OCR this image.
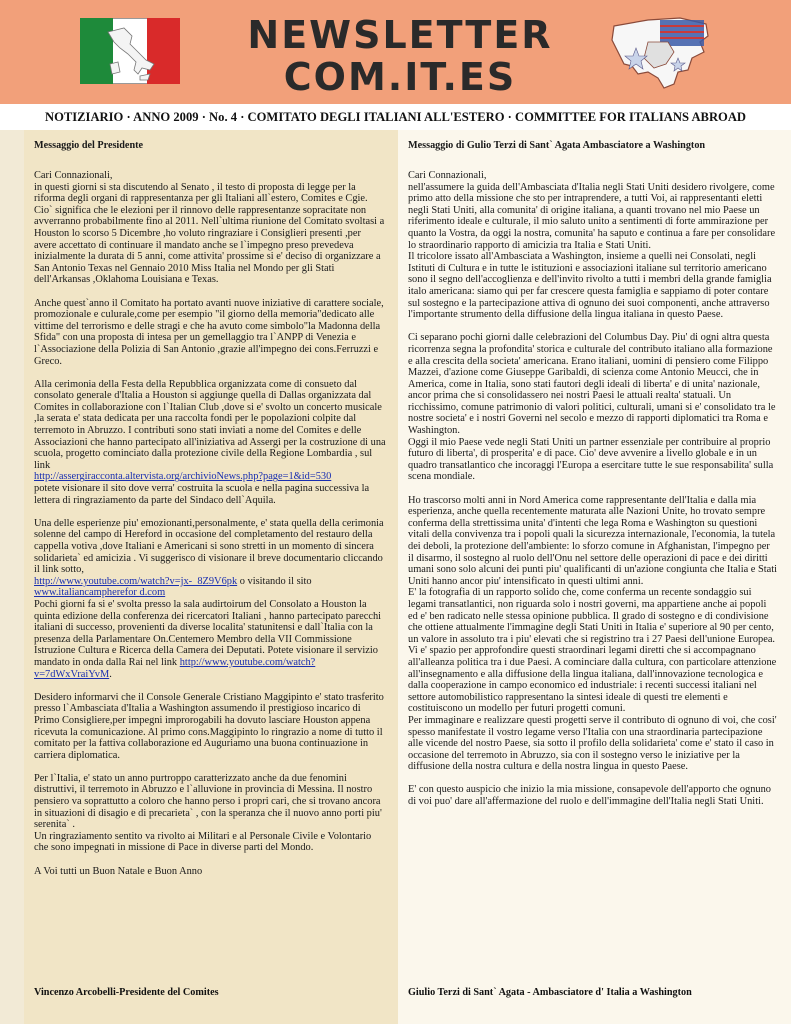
NEWSLETTER
COM.IT.ES
NOTIZIARIO · ANNO 2009 · No. 4 · COMITATO DEGLI ITALIANI ALL'ESTERO · COMMITTEE FOR ITALIANS ABROAD
Messaggio del Presidente
Cari Connazionali,

in questi giorni si sta discutendo al Senato , il testo di proposta di legge per la riforma degli organi di rappresentanza per gli Italiani all`estero, Comites e Cgie. Cio` significa che le elezioni per il rinnovo delle rappresentanze sopracitate non avverranno probabilmente fino al 2011. Nell`ultima riunione del Comitato svoltasi a Houston lo scorso 5 Dicembre ,ho voluto ringraziare i Consiglieri presenti ,per avere accettato di continuare il mandato anche se l`impegno preso prevedeva inizialmente la durata di 5 anni, come attivita' prossime si e' deciso di organizzare a San Antonio Texas nel Gennaio 2010 Miss Italia nel Mondo per gli Stati dell'Arkansas ,Oklahoma Louisiana e Texas.

Anche quest`anno il Comitato ha portato avanti nuove iniziative di carattere sociale, promozionale e culurale,come per esempio "il giorno della memoria"dedicato alle vittime del terrorismo e delle stragi e che ha avuto come simbolo"la Madonna della Sfida" con una proposta di intesa per un gemellaggio tra l`ANPP di Venezia e l`Associazione della Polizia di San Antonio ,grazie all'impegno dei cons.Ferruzzi e Greco.

Alla cerimonia della Festa della Repubblica organizzata come di consueto dal consolato generale d'Italia a Houston si aggiunge quella di Dallas organizzata dal Comites in collaborazione con l`Italian Club ,dove si e' svolto un concerto musicale ,la serata e' stata dedicata per una raccolta fondi per le popolazioni colpite dal terremoto in Abruzzo. I contributi sono stati inviati a nome del Comites e delle Associazioni che hanno partecipato all'iniziativa ad Assergi per la costruzione di una scuola, progetto cominciato dalla protezione civile della Regione Lombardia , sul link
http://assergiracconta.altervista.org/archivioNews.php?page=1&id=530
potete visionare il sito dove verra' costruita la scuola e nella pagina successiva la lettera di ringraziamento da parte del Sindaco dell`Aquila.

Una delle esperienze piu' emozionanti,personalmente, e' stata quella della cerimonia solenne del campo di Hereford in occasione del completamento del restauro della cappella votiva ,dove Italiani e Americani si sono stretti in un momento di sincera solidarieta` ed amicizia . Vi suggerisco di visionare il breve documentario cliccando il link sotto,
http://www.youtube.com/watch?v=jx-_8Z9V6pk o visitando il sito
www.italiancampherefor d.com
Pochi giorni fa si e' svolta presso la sala audirtoirum del Consolato a Houston la quinta edizione della conferenza dei ricercatori Italiani , hanno partecipato parecchi italiani di successo, provenienti da diverse localita' statunitensi e dall`Italia con la presenza della Parlamentare On.Centemero Membro della VII Commissione Istruzione Cultura e Ricerca della Camera dei Deputati. Potete visionare il servizio mandato in onda dalla Rai nel link http://www.youtube.com/watch?v=7dWxVraiYvM.

Desidero informarvi che il Console Generale Cristiano Maggipinto e' stato trasferito presso l`Ambasciata d'Italia a Washington assumendo il prestigioso incarico di Primo Consigliere,per impegni improrogabili ha dovuto lasciare Houston appena ricevuta la comunicazione. Al primo cons.Maggipinto lo ringrazio a nome di tutto il comitato per la fattiva collaborazione ed Auguriamo una buona continuazione in carriera diplomatica.

Per l`Italia, e' stato un anno purtroppo caratterizzato anche da due fenomini distruttivi, il terremoto in Abruzzo e l`alluvione in provincia di Messina. Il nostro pensiero va soprattutto a coloro che hanno perso i propri cari, che si trovano ancora in situazioni di disagio e di precarieta` , con la speranza che il nuovo anno porti piu' serenita` .
Un ringraziamento sentito va rivolto ai Militari e al Personale Civile e Volontario che sono impegnati in missione di Pace in diverse parti del Mondo.

A Voi tutti un Buon Natale e Buon Anno

Messaggio di Gulio Terzi di Sant` Agata Ambasciatore a Washington
Cari Connazionali,

nell'assumere la guida dell'Ambasciata d'Italia negli Stati Uniti desidero rivolgere, come primo atto della missione che sto per intraprendere, a tutti Voi, ai rappresentanti eletti negli Stati Uniti, alla comunita' di origine italiana, a quanti trovano nel mio Paese un riferimento ideale e culturale, il mio saluto unito a sentimenti di forte ammirazione per quanto la Vostra, da oggi la nostra, comunita' ha saputo e continua a fare per consolidare lo straordinario rapporto di amicizia tra Italia e Stati Uniti.
Il tricolore issato all'Ambasciata a Washington, insieme a quelli nei Consolati, negli Istituti di Cultura e in tutte le istituzioni e associazioni italiane sul territorio americano sono il segno dell'accoglienza e dell'invito rivolto a tutti i membri della grande famiglia italo americana: siamo qui per far crescere questa famiglia e sappiamo di poter contare sul sostegno e la partecipazione attiva di ognuno dei suoi componenti, anche attraverso l'importante strumento della diffusione della lingua italiana in questo Paese.

Ci separano pochi giorni dalle celebrazioni del Columbus Day. Piu' di ogni altra questa ricorrenza segna la profondita' storica e culturale del contributo italiano alla formazione e alla crescita della societa' americana. Erano italiani, uomini di pensiero come Filippo Mazzei, d'azione come Giuseppe Garibaldi, di scienza come Antonio Meucci, che in America, come in Italia, sono stati fautori degli ideali di liberta' e di unita' nazionale, ancor prima che si consolidassero nei nostri Paesi le attuali realta' statuali. Un ricchissimo, comune patrimonio di valori politici, culturali, umani si e' consolidato tra le nostre societa' e i nostri Governi nel secolo e mezzo di rapporti diplomatici tra Roma e Washington.
Oggi il mio Paese vede negli Stati Uniti un partner essenziale per contribuire al proprio futuro di liberta', di prosperita' e di pace. Cio' deve avvenire a livello globale e in un quadro transatlantico che incoraggi l'Europa a esercitare tutte le sue responsabilita' sulla scena mondiale.

Ho trascorso molti anni in Nord America come rappresentante dell'Italia e dalla mia esperienza, anche quella recentemente maturata alle Nazioni Unite, ho trovato sempre conferma della strettissima unita' d'intenti che lega Roma e Washington su questioni vitali della convivenza tra i popoli quali la sicurezza internazionale, l'economia, la tutela dei deboli, la protezione dell'ambiente: lo sforzo comune in Afghanistan, l'impegno per il disarmo, il sostegno al ruolo dell'Onu nel settore delle operazioni di pace e dei diritti umani sono solo alcuni dei punti piu' qualificanti di un'azione congiunta che Italia e Stati Uniti hanno ancor piu' intensificato in questi ultimi anni.
E' la fotografia di un rapporto solido che, come conferma un recente sondaggio sui legami transatlantici, non riguarda solo i nostri governi, ma appartiene anche ai popoli ed e' ben radicato nelle stessa opinione pubblica. Il grado di sostegno e di condivisione che ottiene attualmente l'immagine degli Stati Uniti in Italia e' superiore al 90 per cento, un valore in assoluto tra i piu' elevati che si registrino tra i 27 Paesi dell'unione Europea. Vi e' spazio per approfondire questi straordinari legami diretti che si accompagnano all'alleanza politica tra i due Paesi. A cominciare dalla cultura, con particolare attenzione all'insegnamento e alla diffusione della lingua italiana, dall'innovazione tecnologica e dalla cooperazione in campo economico ed industriale: i recenti successi italiani nel settore automobilistico rappresentano la sintesi ideale di questi tre elementi e costituiscono un modello per futuri progetti comuni.
Per immaginare e realizzare questi progetti serve il contributo di ognuno di voi, che cosi' spesso manifestate il vostro legame verso l'Italia con una straordinaria partecipazione alle vicende del nostro Paese, sia sotto il profilo della solidarieta' come e' stato il caso in occasione del terremoto in Abruzzo, sia con il sostegno verso le iniziative per la diffusione della nostra cultura e della nostra lingua in questo Paese.

E' con questo auspicio che inizio la mia missione, consapevole dell'apporto che ognuno di voi puo' dare all'affermazione del ruolo e dell'immagine dell'Italia negli Stati Uniti.

Vincenzo Arcobelli-Presidente del Comites	Giulio Terzi di Sant` Agata - Ambasciatore d' Italia a Washington
